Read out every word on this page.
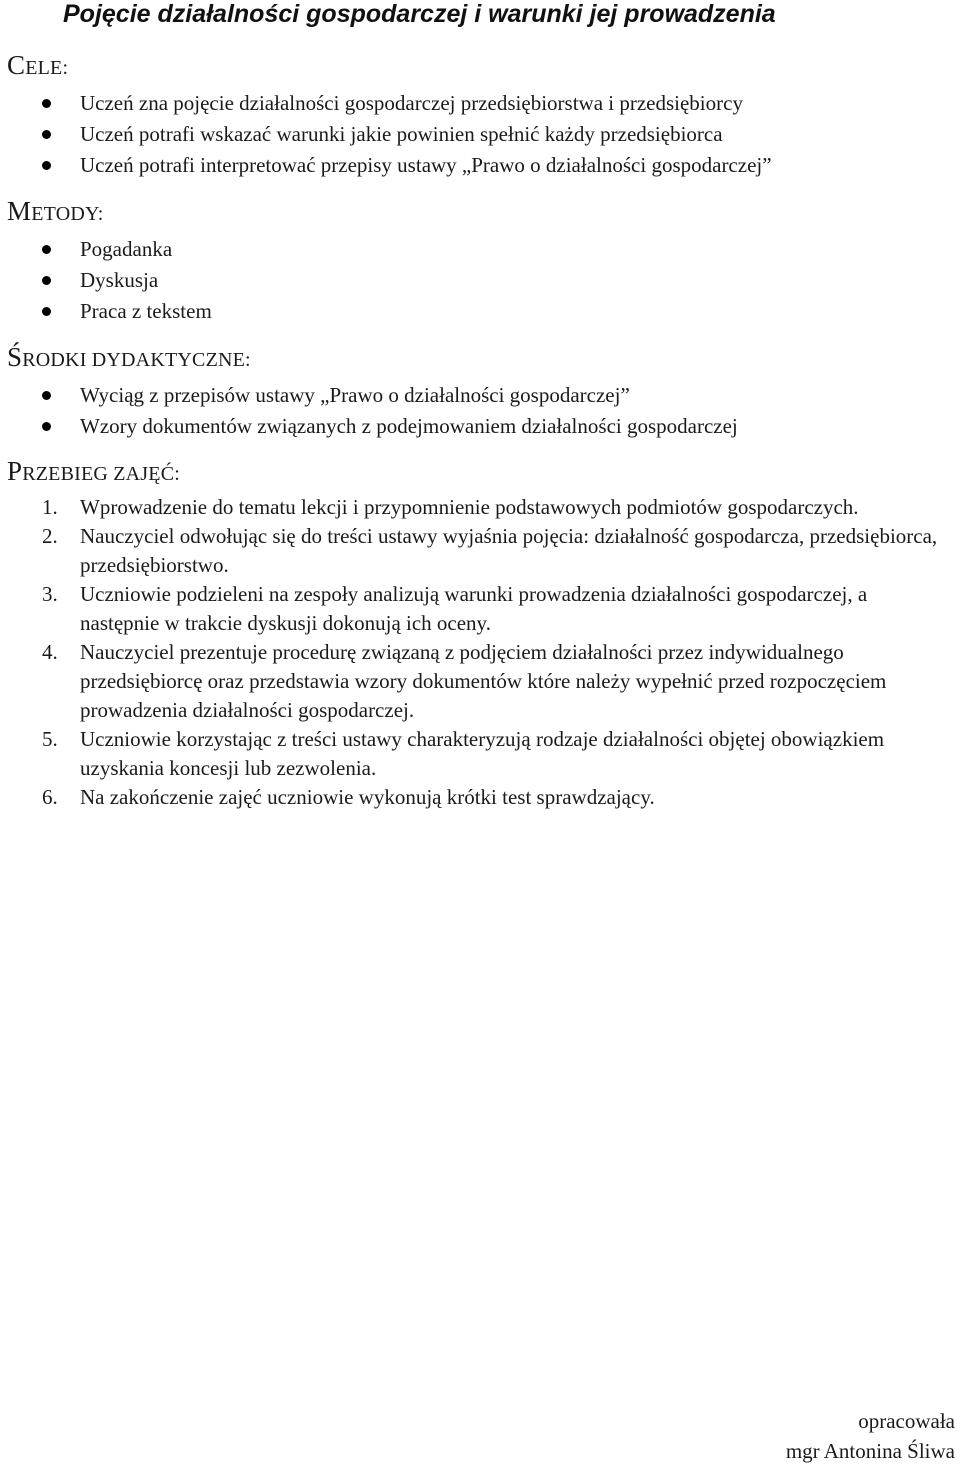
Pojęcie działalności gospodarczej i warunki jej prowadzenia
CELE:
Uczeń zna pojęcie działalności gospodarczej przedsiębiorstwa i przedsiębiorcy
Uczeń potrafi wskazać warunki jakie powinien spełnić każdy przedsiębiorca
Uczeń potrafi interpretować przepisy ustawy „Prawo o działalności gospodarczej”
METODY:
Pogadanka
Dyskusja
Praca z tekstem
ŚRODKI DYDAKTYCZNE:
Wyciąg z przepisów ustawy „Prawo o działalności gospodarczej”
Wzory dokumentów związanych z podejmowaniem działalności gospodarczej
PRZEBIEG ZAJĘĆ:
1. Wprowadzenie do tematu lekcji i przypomnienie podstawowych podmiotów gospodarczych.
2. Nauczyciel odwołując się do treści ustawy wyjaśnia pojęcia: działalność gospodarcza, przedsiębiorca, przedsiębiorstwo.
3. Uczniowie podzieleni na zespoły analizują warunki prowadzenia działalności gospodarczej, a następnie w trakcie dyskusji dokonują ich oceny.
4. Nauczyciel prezentuje procedurę związaną z podjęciem działalności przez indywidualnego przedsiębiorcę oraz przedstawia wzory dokumentów które należy wypełnić przed rozpoczęciem prowadzenia działalności gospodarczej.
5. Uczniowie korzystając z treści ustawy charakteryzują rodzaje działalności objętej obowiązkiem uzyskania koncesji lub zezwolenia.
6. Na zakończenie zajęć uczniowie wykonują krótki test sprawdzający.
opracowała
mgr Antonina Śliwa
